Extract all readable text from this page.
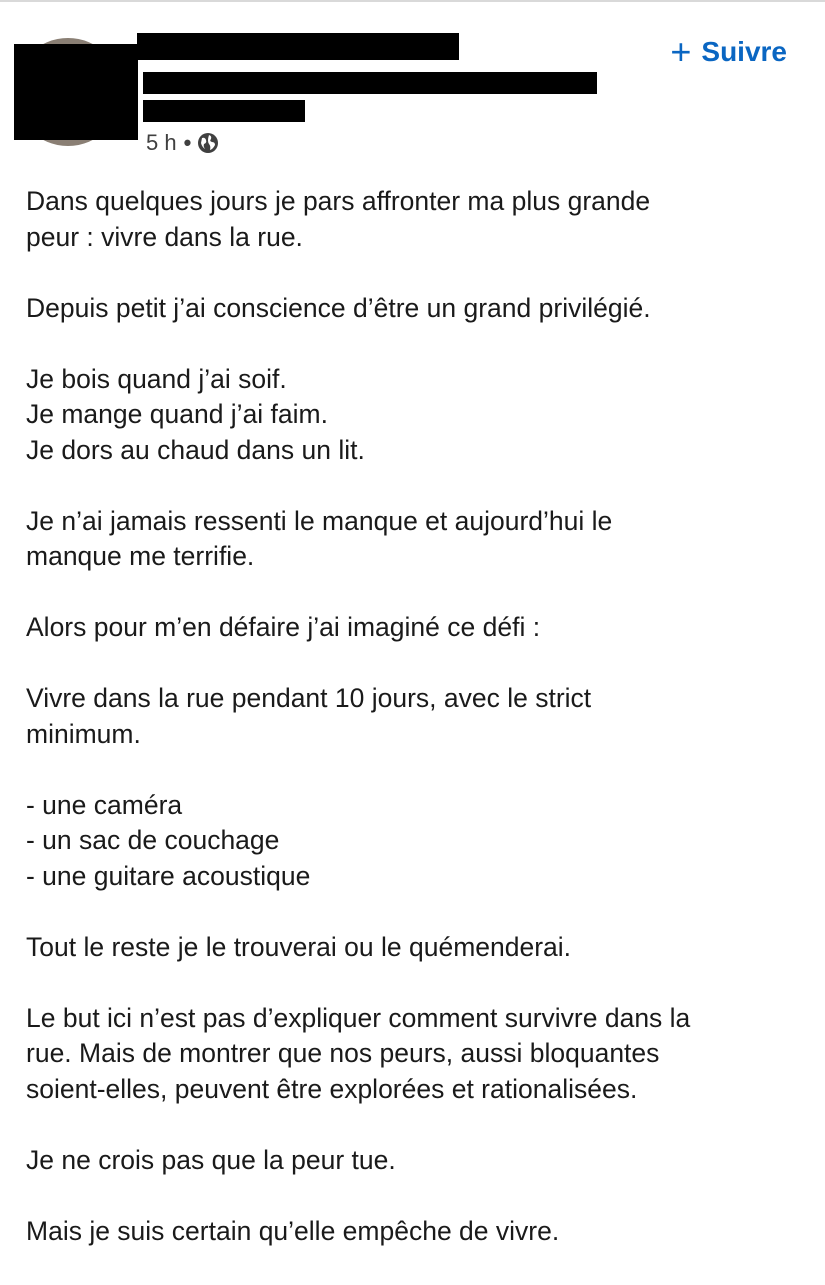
5 h •
+ Suivre

Dans quelques jours je pars affronter ma plus grande
peur : vivre dans la rue.

Depuis petit j’ai conscience d’être un grand privilégié.

Je bois quand j’ai soif.
Je mange quand j’ai faim.
Je dors au chaud dans un lit.

Je n’ai jamais ressenti le manque et aujourd’hui le
manque me terrifie.

Alors pour m’en défaire j’ai imaginé ce défi :

Vivre dans la rue pendant 10 jours, avec le strict
minimum.

- une caméra
- un sac de couchage
- une guitare acoustique

Tout le reste je le trouverai ou le quémenderai.

Le but ici n’est pas d’expliquer comment survivre dans la
rue. Mais de montrer que nos peurs, aussi bloquantes
soient-elles, peuvent être explorées et rationalisées.

Je ne crois pas que la peur tue.

Mais je suis certain qu’elle empêche de vivre.
